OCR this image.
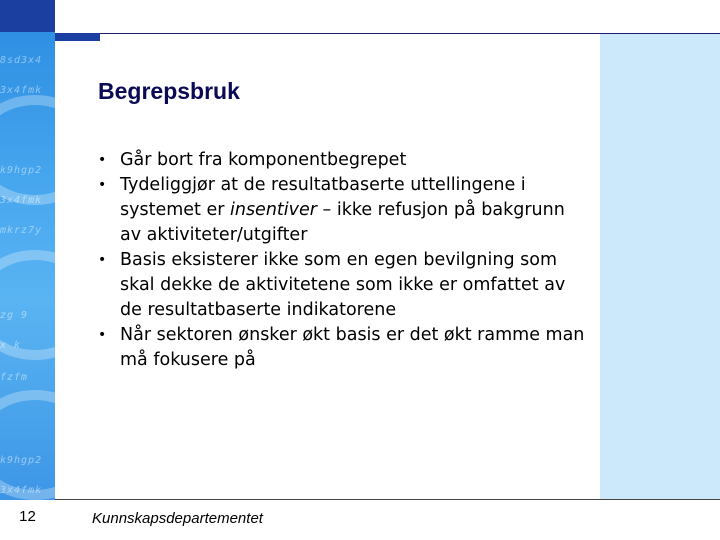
8sd3x4
3x4fmk
k9hgp2
3x4fmk
mkrz7y
zg 9
x k
fzfm
k9hgp2
3x4fmk
Begrepsbruk
• Går bort fra komponentbegrepet
• Tydeliggjør at de resultatbaserte uttellingene i systemet er insentiver – ikke refusjon på bakgrunn av aktiviteter/utgifter
• Basis eksisterer ikke som en egen bevilgning som skal dekke de aktivitetene som ikke er omfattet av de resultatbaserte indikatorene
• Når sektoren ønsker økt basis er det økt ramme man må fokusere på
12	Kunnskapsdepartementet
